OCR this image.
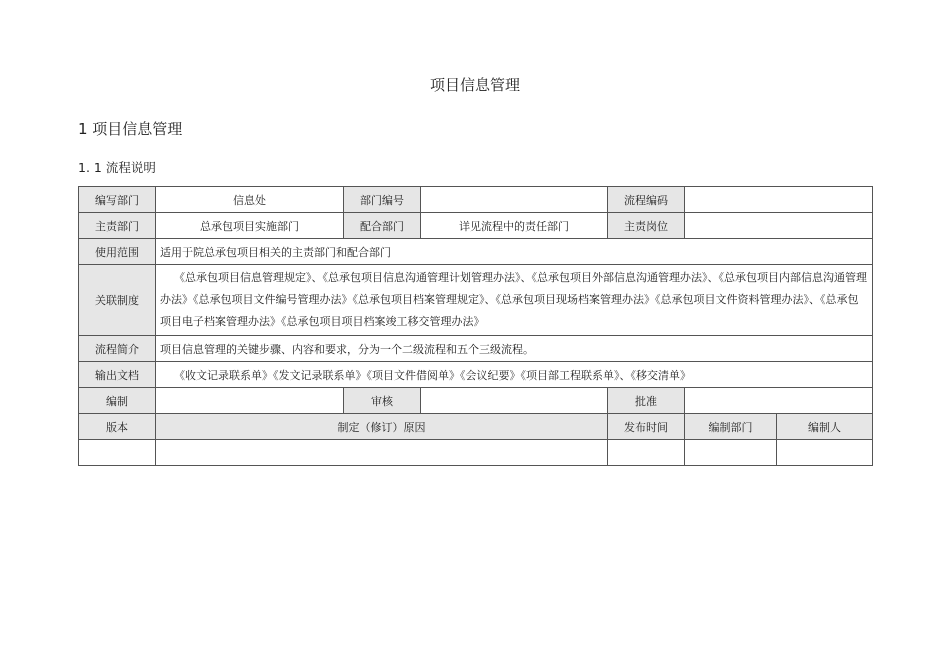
项目信息管理
1 项目信息管理
1. 1 流程说明
编写部门	信息处	部门编号		流程编码		
主责部门	总承包项目实施部门	配合部门	详见流程中的责任部门	主责岗位		
使用范围	适用于院总承包项目相关的主责部门和配合部门					
关联制度	《总承包项目信息管理规定》、《总承包项目信息沟通管理计划管理办法》、《总承包项目外部信息沟通管理办法》、《总承包项目内部信息沟通管理办法》《总承包项目文件编号管理办法》《总承包项目档案管理规定》、《总承包项目现场档案管理办法》《总承包项目文件资料管理办法》、《总承包项目电子档案管理办法》《总承包项目项目档案竣工移交管理办法》					
流程简介	项目信息管理的关键步骤、内容和要求，分为一个二级流程和五个三级流程。					
输出文档	《收文记录联系单》《发文记录联系单》《项目文件借阅单》《会议纪要》《项目部工程联系单》、《移交清单》					
编制		审核		批准		
版本	制定（修订）原因			发布时间	编制部门	编制人
